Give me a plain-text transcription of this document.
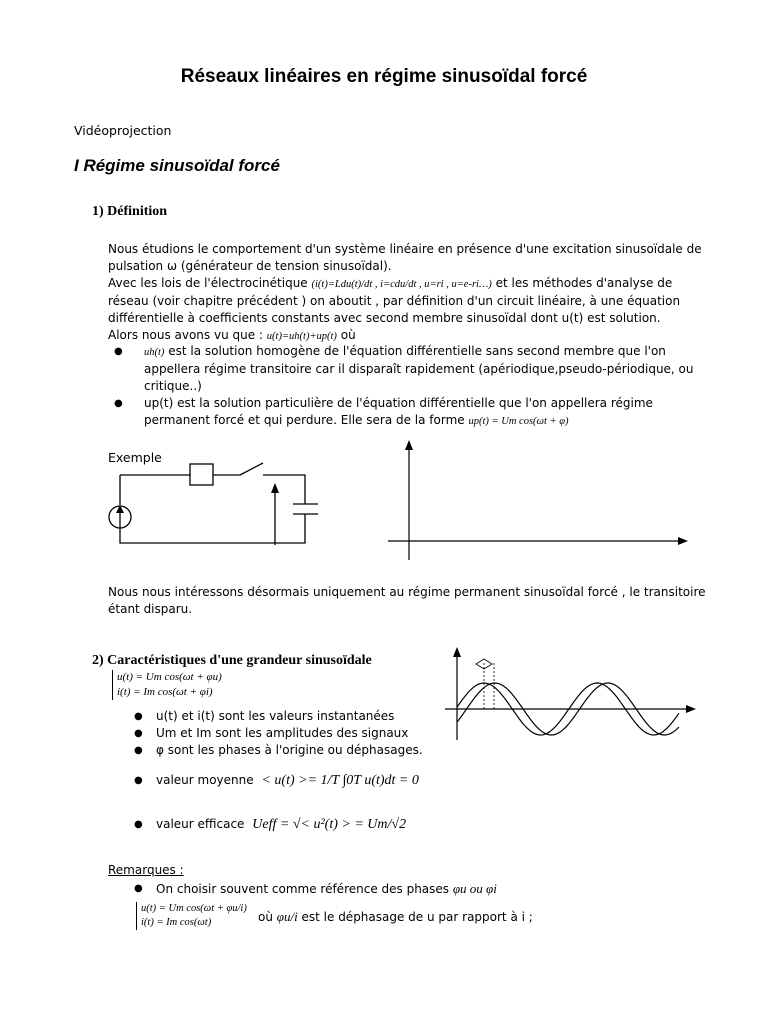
Réseaux linéaires en régime sinusoïdal forcé
Vidéoprojection
I Régime sinusoïdal forcé
1) Définition
Nous étudions le comportement d'un système linéaire en présence d'une excitation sinusoïdale de
pulsation ω (générateur de tension sinusoïdal).
Avec les lois de l'électrocinétique (i(t)=Ldu(t)/dt , i=cdu/dt , u=ri , u=e-ri…) et les méthodes d'analyse de
réseau (voir chapitre précédent ) on aboutit , par définition d'un circuit linéaire, à une équation
différentielle à coefficients constants avec second membre sinusoïdal dont u(t) est solution.
Alors nous avons vu que : u(t)=uh(t)+up(t) où
● uh(t) est la solution homogène de l'équation différentielle sans second membre que l'on
appellera régime transitoire car il disparaît rapidement (apériodique,pseudo-périodique, ou
critique..)
● up(t) est la solution particulière de l'équation différentielle que l'on appellera régime
permanent forcé et qui perdure. Elle sera de la forme up(t) = Um cos(ωt + φ)
Exemple
Nous nous intéressons désormais uniquement au régime permanent sinusoïdal forcé , le transitoire
étant disparu.
2) Caractéristiques d'une grandeur sinusoïdale
u(t) = Um cos(ωt + φu)
i(t) = Im cos(ωt + φi)
● u(t) et i(t) sont les valeurs instantanées
● Um et Im sont les amplitudes des signaux
● φ sont les phases à l'origine ou déphasages.
● valeur moyenne < u(t) >= 1/T ∫0T u(t)dt = 0
● valeur efficace Ueff = √< u²(t) > = Um/√2
Remarques :
● On choisir souvent comme référence des phases φu ou φi
u(t) = Um cos(ωt + φu/i)
i(t) = Im cos(ωt)	où φu/i est le déphasage de u par rapport à i ;
